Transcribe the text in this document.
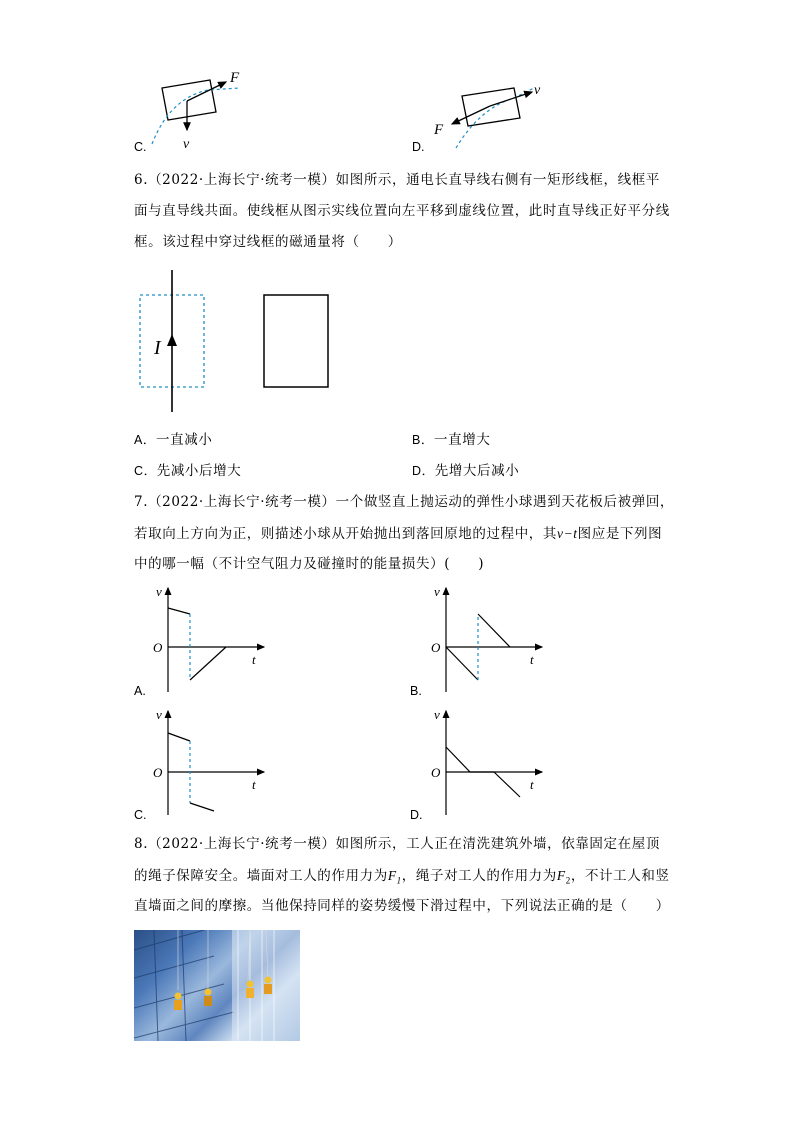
F
v
C.
v
F
D.
6.（2022·上海长宁·统考一模）如图所示，通电长直导线右侧有一矩形线框，线框平
面与直导线共面。使线框从图示实线位置向左平移到虚线位置，此时直导线正好平分线
框。该过程中穿过线框的磁通量将（　　）
I
A．一直减小	B．一直增大
C．先减小后增大	D．先增大后减小
7.（2022·上海长宁·统考一模）一个做竖直上抛运动的弹性小球遇到天花板后被弹回，
若取向上方向为正，则描述小球从开始抛出到落回原地的过程中，其v−t图应是下列图
中的哪一幅（不计空气阻力及碰撞时的能量损失）(　　)
v
t
O
A.
v
t
O
B.
v
t
O
C.
v
t
O
D.
8.（2022·上海长宁·统考一模）如图所示，工人正在清洗建筑外墙，依靠固定在屋顶
的绳子保障安全。墙面对工人的作用力为$F_1$，绳子对工人的作用力为$F_2$，不计工人和竖
直墙面之间的摩擦。当他保持同样的姿势缓慢下滑过程中，下列说法正确的是（　　）
